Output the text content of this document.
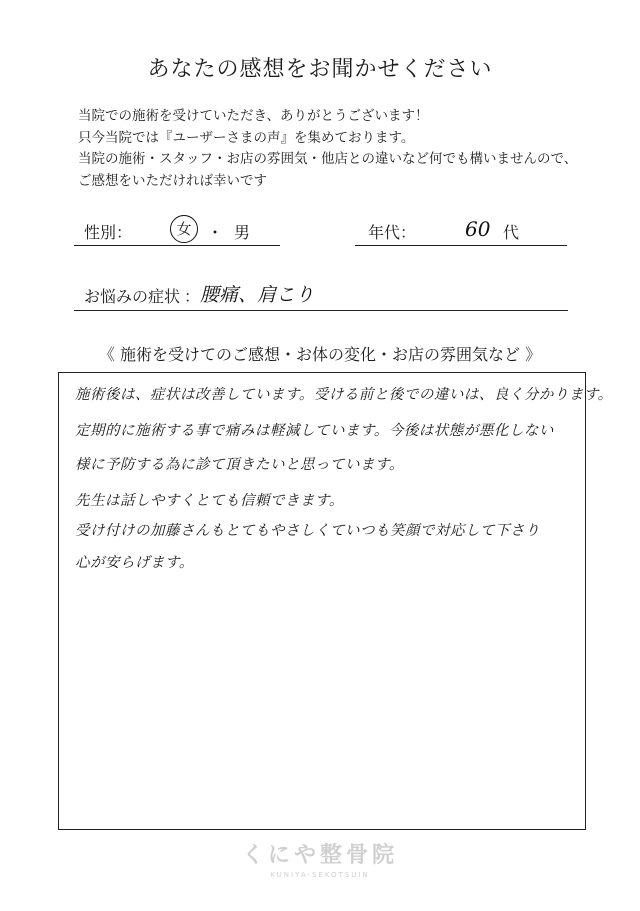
あなたの感想をお聞かせください
当院での施術を受けていただき、ありがとうございます！
只今当院では『ユーザーさまの声』を集めております。
当院の施術・スタッフ・お店の雰囲気・他店との違いなど何でも構いませんので、
ご感想をいただければ幸いです
性別：	女 ・ 男	年代： 60 代
お悩みの症状 ： 腰痛、肩こり
《 施術を受けてのご感想・お体の変化・お店の雰囲気など 》
施術後は、症状は改善しています。受ける前と後での違いは、良く分かります。
定期的に施術する事で痛みは軽減しています。今後は状態が悪化しない
様に予防する為に診て頂きたいと思っています。
先生は話しやすくとても信頼できます。
受け付けの加藤さんもとてもやさしくていつも笑顔で対応して下さり
心が安らげます。
くにや整骨院
KUNIYA-SEKOTSUIN
